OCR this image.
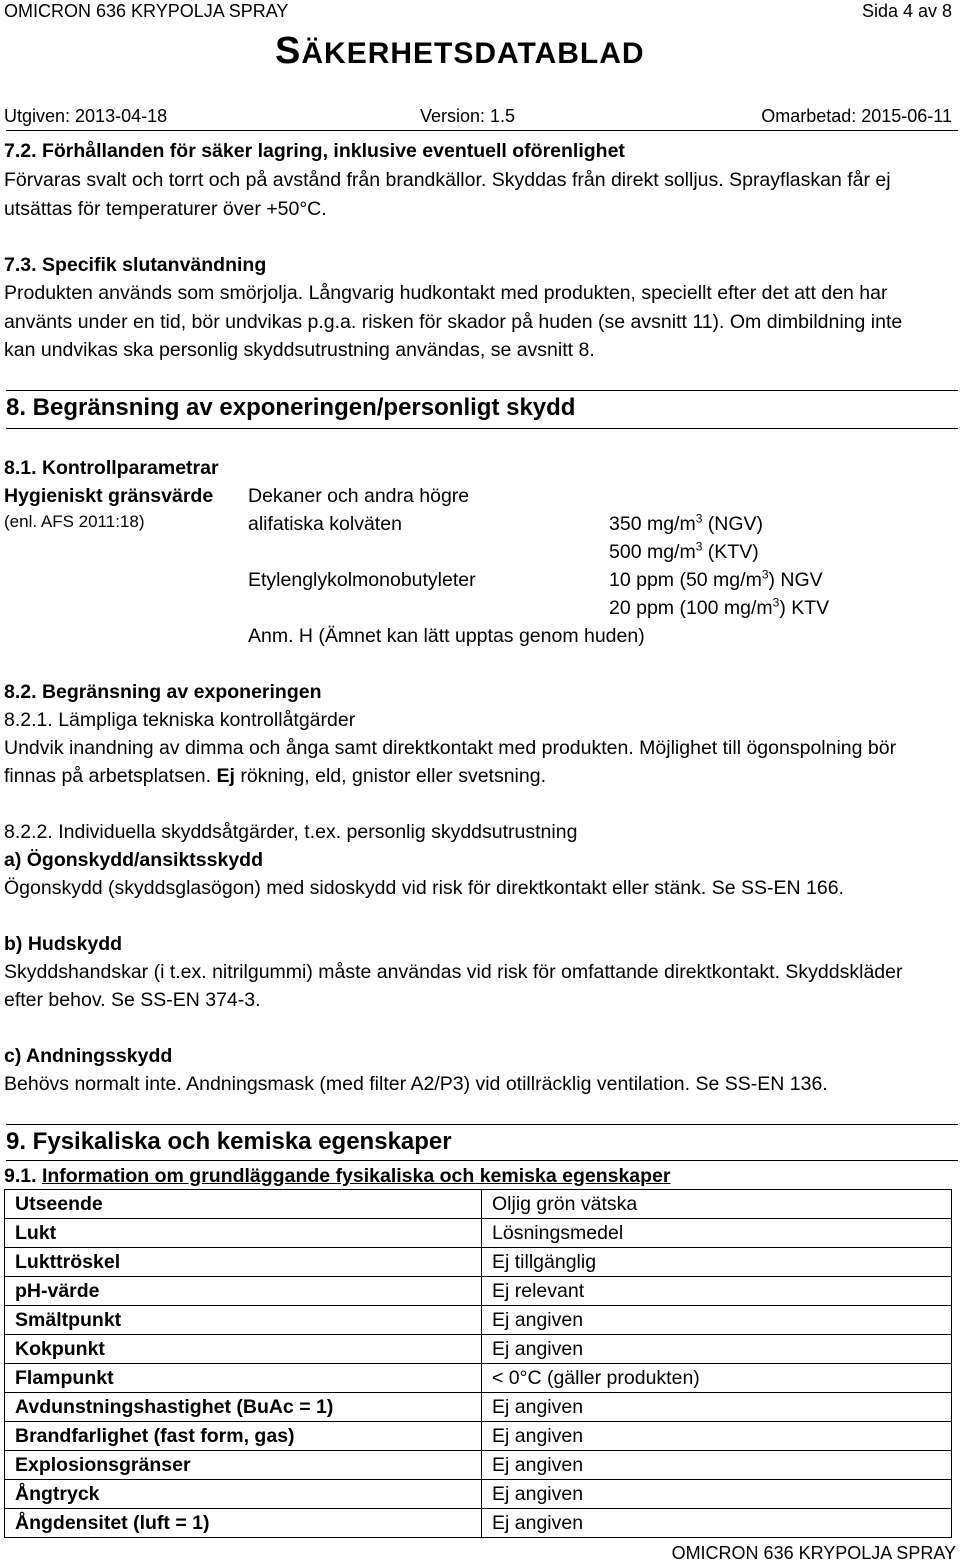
OMICRON 636 KRYPOLJA SPRAY	Sida 4 av 8
SÄKERHETSDATABLAD
Utgiven: 2013-04-18	Version: 1.5	Omarbetad: 2015-06-11
7.2. Förhållanden för säker lagring, inklusive eventuell oförenlighet
Förvaras svalt och torrt och på avstånd från brandkällor. Skyddas från direkt solljus. Sprayflaskan får ej
utsättas för temperaturer över +50°C.
7.3. Specifik slutanvändning
Produkten används som smörjolja. Långvarig hudkontakt med produkten, speciellt efter det att den har
använts under en tid, bör undvikas p.g.a. risken för skador på huden (se avsnitt 11). Om dimbildning inte
kan undvikas ska personlig skyddsutrustning användas, se avsnitt 8.
8. Begränsning av exponeringen/personligt skydd
8.1. Kontrollparametrar
Hygieniskt gränsvärde
(enl. AFS 2011:18)
Dekaner och andra högre
alifatiska kolväten	350 $mg/m^3$ (NGV)
500 $mg/m^3$ (KTV)
Etylenglykolmonobutyleter	10 ppm (50 $mg/m^3$) NGV
20 ppm (100 $mg/m^3$) KTV
Anm. H (Ämnet kan lätt upptas genom huden)
8.2. Begränsning av exponeringen
8.2.1. Lämpliga tekniska kontrollåtgärder
Undvik inandning av dimma och ånga samt direktkontakt med produkten. Möjlighet till ögonspolning bör
finnas på arbetsplatsen. Ej rökning, eld, gnistor eller svetsning.
8.2.2. Individuella skyddsåtgärder, t.ex. personlig skyddsutrustning
a) Ögonskydd/ansiktsskydd
Ögonskydd (skyddsglasögon) med sidoskydd vid risk för direktkontakt eller stänk. Se SS-EN 166.
b) Hudskydd
Skyddshandskar (i t.ex. nitrilgummi) måste användas vid risk för omfattande direktkontakt. Skyddskläder
efter behov. Se SS-EN 374-3.
c) Andningsskydd
Behövs normalt inte. Andningsmask (med filter A2/P3) vid otillräcklig ventilation. Se SS-EN 136.
9. Fysikaliska och kemiska egenskaper
9.1. Information om grundläggande fysikaliska och kemiska egenskaper
Utseende	Oljig grön vätska
Lukt	Lösningsmedel
Lukttröskel	Ej tillgänglig
pH-värde	Ej relevant
Smältpunkt	Ej angiven
Kokpunkt	Ej angiven
Flampunkt	< 0°C (gäller produkten)
Avdunstningshastighet (BuAc = 1)	Ej angiven
Brandfarlighet (fast form, gas)	Ej angiven
Explosionsgränser	Ej angiven
Ångtryck	Ej angiven
Ångdensitet (luft = 1)	Ej angiven
OMICRON 636 KRYPOLJA SPRAY
